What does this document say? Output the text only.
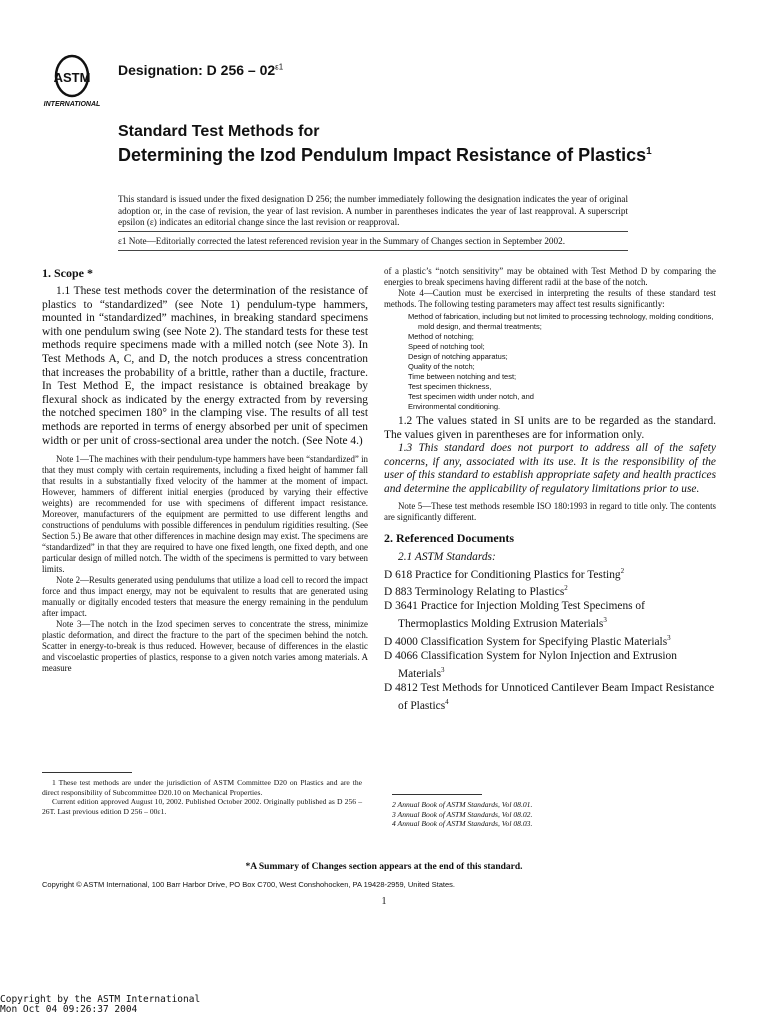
ASTM
INTERNATIONAL
Designation: D $256 - 02^{\varepsilon 1}$
Standard Test Methods for
Determining the Izod Pendulum Impact Resistance of Plastics$^1$
This standard is issued under the fixed designation D 256; the number immediately following the designation indicates the year of original adoption or, in the case of revision, the year of last revision. A number in parentheses indicates the year of last reapproval. A superscript epsilon (ε) indicates an editorial change since the last revision or reapproval.
ε1 Note—Editorially corrected the latest referenced revision year in the Summary of Changes section in September 2002.
1. Scope *

1.1 These test methods cover the determination of the resistance of plastics to “standardized” (see Note 1) pendulum-type hammers, mounted in “standardized” machines, in breaking standard specimens with one pendulum swing (see Note 2). The standard tests for these test methods require specimens made with a milled notch (see Note 3). In Test Methods A, C, and D, the notch produces a stress concentration that increases the probability of a brittle, rather than a ductile, fracture. In Test Method E, the impact resistance is obtained breakage by flexural shock as indicated by the energy extracted from by reversing the notched specimen 180° in the clamping vise. The results of all test methods are reported in terms of energy absorbed per unit of specimen width or per unit of cross-sectional area under the notch. (See Note 4.)

Note 1—The machines with their pendulum-type hammers have been “standardized” in that they must comply with certain requirements, including a fixed height of hammer fall that results in a substantially fixed velocity of the hammer at the moment of impact. However, hammers of different initial energies (produced by varying their effective weights) are recommended for use with specimens of different impact resistance. Moreover, manufacturers of the equipment are permitted to use different lengths and constructions of pendulums with possible differences in pendulum rigidities resulting. (See Section 5.) Be aware that other differences in machine design may exist. The specimens are “standardized” in that they are required to have one fixed length, one fixed depth, and one particular design of milled notch. The width of the specimens is permitted to vary between limits.

Note 2—Results generated using pendulums that utilize a load cell to record the impact force and thus impact energy, may not be equivalent to results that are generated using manually or digitally encoded testers that measure the energy remaining in the pendulum after impact.

Note 3—The notch in the Izod specimen serves to concentrate the stress, minimize plastic deformation, and direct the fracture to the part of the specimen behind the notch. Scatter in energy-to-break is thus reduced. However, because of differences in the elastic and viscoelastic properties of plastics, response to a given notch varies among materials. A measure

1 These test methods are under the jurisdiction of ASTM Committee D20 on Plastics and are the direct responsibility of Subcommittee D20.10 on Mechanical Properties.
Current edition approved August 10, 2002. Published October 2002. Originally published as D 256 – 26T. Last previous edition D 256 – 00ε1.

of a plastic’s “notch sensitivity” may be obtained with Test Method D by comparing the energies to break specimens having different radii at the base of the notch.

Note 4—Caution must be exercised in interpreting the results of these standard test methods. The following testing parameters may affect test results significantly:

Method of fabrication, including but not limited to processing technology, molding conditions, mold design, and thermal treatments;
Method of notching;
Speed of notching tool;
Design of notching apparatus;
Quality of the notch;
Time between notching and test;
Test specimen thickness,
Test specimen width under notch, and
Environmental conditioning.

1.2 The values stated in SI units are to be regarded as the standard. The values given in parentheses are for information only.

1.3 This standard does not purport to address all of the safety concerns, if any, associated with its use. It is the responsibility of the user of this standard to establish appropriate safety and health practices and determine the applicability of regulatory limitations prior to use.

Note 5—These test methods resemble ISO 180:1993 in regard to title only. The contents are significantly different.

2. Referenced Documents
2.1 ASTM Standards:
D 618 Practice for Conditioning Plastics for Testing$^2$
D 883 Terminology Relating to Plastics$^2$
D 3641 Practice for Injection Molding Test Specimens of Thermoplastics Molding Extrusion Materials$^3$
D 4000 Classification System for Specifying Plastic Materials$^3$
D 4066 Classification System for Nylon Injection and Extrusion Materials$^3$
D 4812 Test Methods for Unnoticed Cantilever Beam Impact Resistance of Plastics$^4$
2 Annual Book of ASTM Standards, Vol 08.01.
3 Annual Book of ASTM Standards, Vol 08.02.
4 Annual Book of ASTM Standards, Vol 08.03.
*A Summary of Changes section appears at the end of this standard.
Copyright © ASTM International, 100 Barr Harbor Drive, PO Box C700, West Conshohocken, PA 19428-2959, United States.
1
Copyright by the ASTM International
Mon Oct 04 09:26:37 2004
